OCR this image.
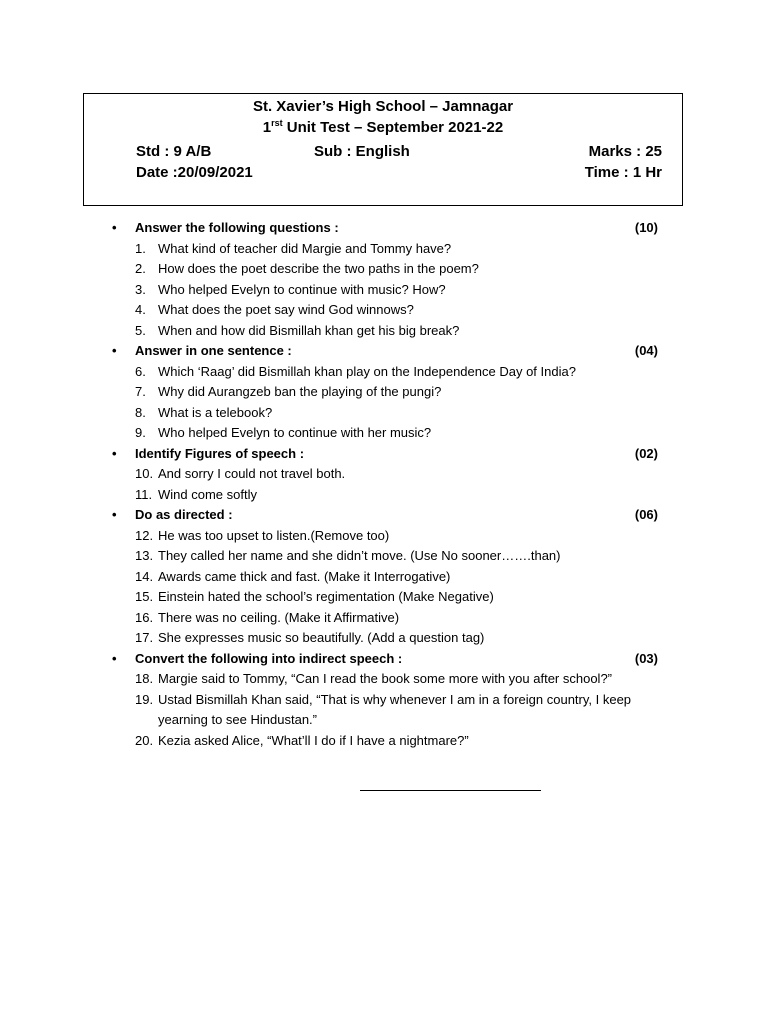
St. Xavier’s High School – Jamnagar
$1^{rst}$ Unit Test – September 2021-22
Std : 9 A/B	Sub : English	Marks : 25
Date :20/09/2021	Time : 1 Hr
• Answer the following questions :	(10)
1. What kind of teacher did Margie and Tommy have?
2. How does the poet describe the two paths in the poem?
3. Who helped Evelyn to continue with music? How?
4. What does the poet say wind God winnows?
5. When and how did Bismillah khan get his big break?
• Answer in one sentence :	(04)
6. Which ‘Raag’ did Bismillah khan play on the Independence Day of India?
7. Why did Aurangzeb ban the playing of the pungi?
8. What is a telebook?
9. Who helped Evelyn to continue with her music?
• Identify Figures of speech :	(02)
10. And sorry I could not travel both.
11. Wind come softly
• Do as directed :	(06)
12. He was too upset to listen.(Remove too)
13. They called her name and she didn’t move. (Use No sooner…….than)
14. Awards came thick and fast. (Make it Interrogative)
15. Einstein hated the school’s regimentation (Make Negative)
16. There was no ceiling. (Make it Affirmative)
17. She expresses music so beautifully. (Add a question tag)
• Convert the following into indirect speech :	(03)
18. Margie said to Tommy, “Can I read the book some more with you after school?”
19. Ustad Bismillah Khan said, “That is why whenever I am in a foreign country, I keep yearning to see Hindustan.”
20. Kezia asked Alice, “What’ll I do if I have a nightmare?”
